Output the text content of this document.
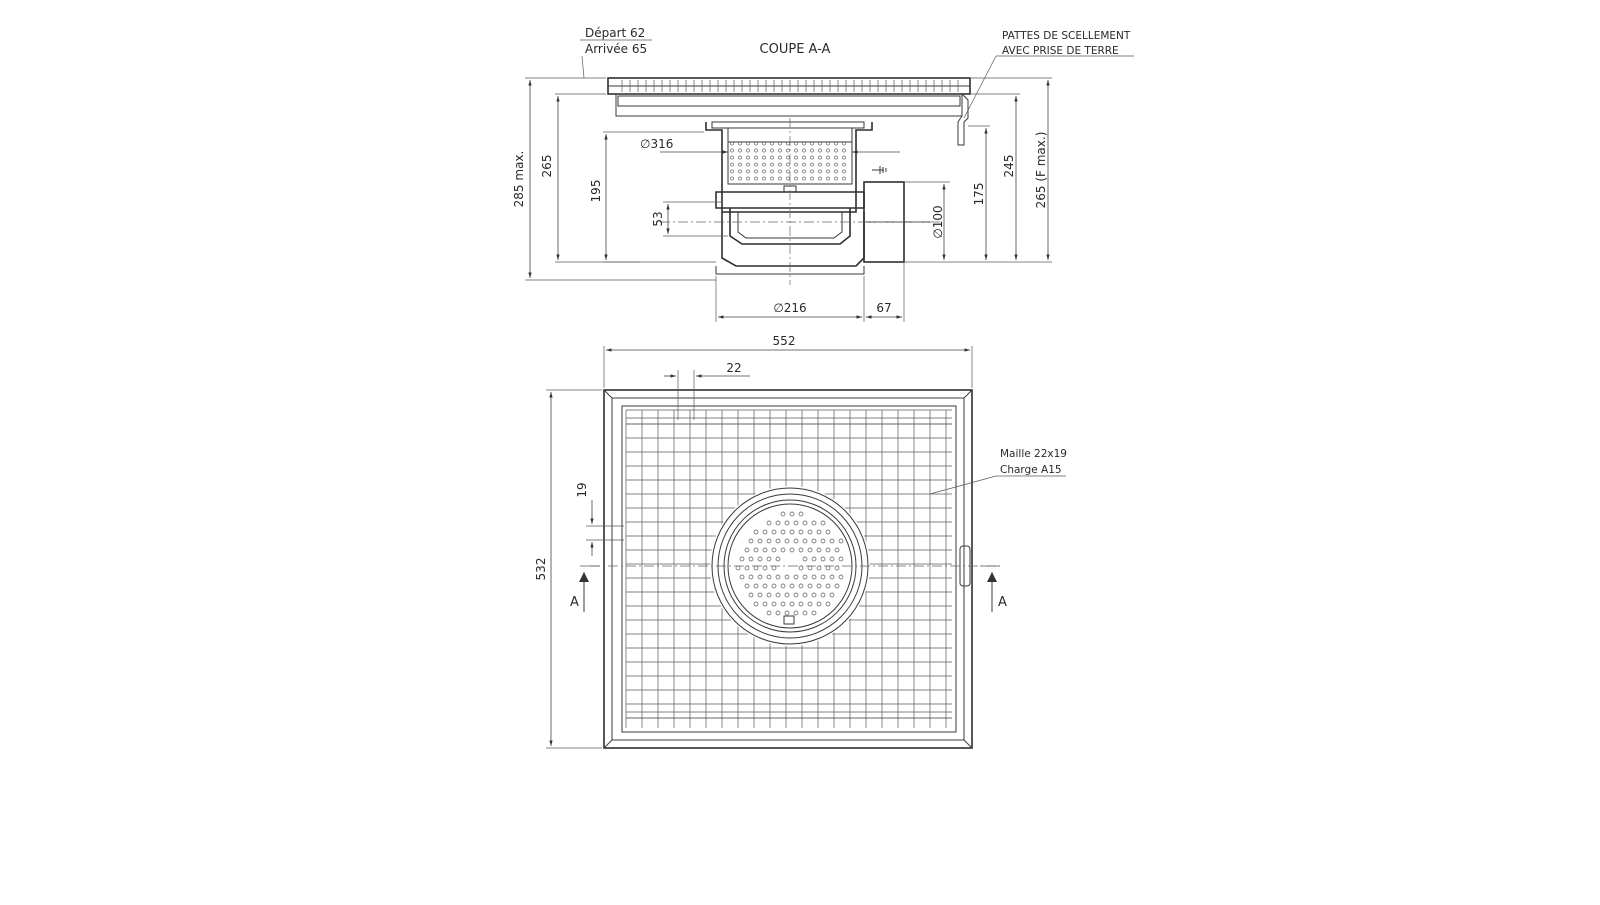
COUPE A-A
Départ 62
Arrivée 65
PATTES DE SCELLEMENT
AVEC PRISE DE TERRE
285 max. 265
195
53
∅316
∅100
175
245 265 (F max.)
∅216	67
A	A
552
22
532
19
Maille 22x19
Charge A15
